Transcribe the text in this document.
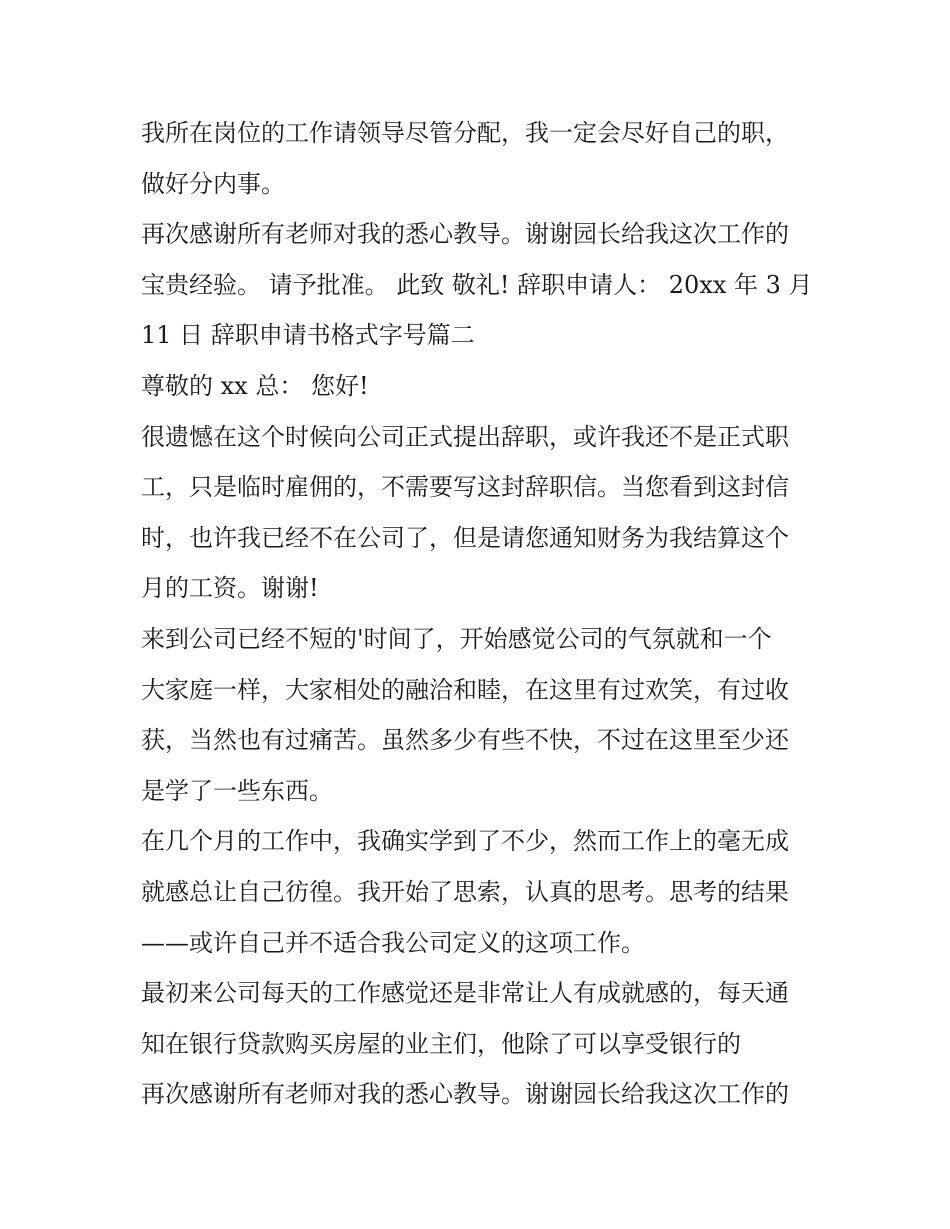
我所在岗位的工作请领导尽管分配，我一定会尽好自己的职，
做好分内事。
再次感谢所有老师对我的悉心教导。谢谢园长给我这次工作的
宝贵经验。 请予批准。 此致 敬礼! 辞职申请人： 20xx 年 3 月
11 日 辞职申请书格式字号篇二
尊敬的 xx 总： 您好!
很遗憾在这个时候向公司正式提出辞职，或许我还不是正式职
工，只是临时雇佣的，不需要写这封辞职信。当您看到这封信
时，也许我已经不在公司了，但是请您通知财务为我结算这个
月的工资。谢谢!
来到公司已经不短的'时间了，开始感觉公司的气氛就和一个
大家庭一样，大家相处的融洽和睦，在这里有过欢笑，有过收
获，当然也有过痛苦。虽然多少有些不快，不过在这里至少还
是学了一些东西。
在几个月的工作中，我确实学到了不少，然而工作上的毫无成
就感总让自己彷徨。我开始了思索，认真的思考。思考的结果
——或许自己并不适合我公司定义的这项工作。
最初来公司每天的工作感觉还是非常让人有成就感的，每天通
知在银行贷款购买房屋的业主们，他除了可以享受银行的
再次感谢所有老师对我的悉心教导。谢谢园长给我这次工作的
